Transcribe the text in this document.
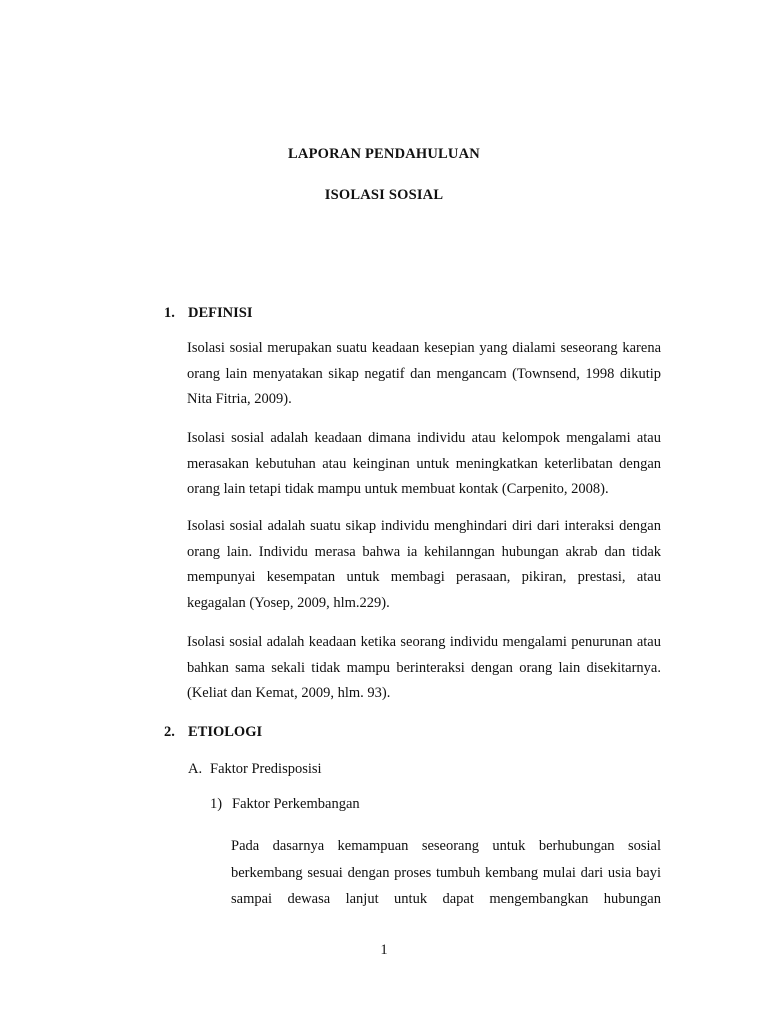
LAPORAN PENDAHULUAN
ISOLASI SOSIAL
1. DEFINISI

Isolasi sosial merupakan suatu keadaan kesepian yang dialami seseorang karena orang lain menyatakan sikap negatif dan mengancam (Townsend, 1998 dikutip Nita Fitria, 2009).

Isolasi sosial adalah keadaan dimana individu atau kelompok mengalami atau merasakan kebutuhan atau keinginan untuk meningkatkan keterlibatan dengan orang lain tetapi tidak mampu untuk membuat kontak (Carpenito, 2008).

Isolasi sosial adalah suatu sikap individu menghindari diri dari interaksi dengan orang lain. Individu merasa bahwa ia kehilanngan hubungan akrab dan tidak mempunyai kesempatan untuk membagi perasaan, pikiran, prestasi, atau kegagalan (Yosep, 2009, hlm.229).

Isolasi sosial adalah keadaan ketika seorang individu mengalami penurunan atau bahkan sama sekali tidak mampu berinteraksi dengan orang lain disekitarnya. (Keliat dan Kemat, 2009, hlm. 93).

2. ETIOLOGI
A. Faktor Predisposisi
1) Faktor Perkembangan

Pada dasarnya kemampuan seseorang untuk berhubungan sosial berkembang sesuai dengan proses tumbuh kembang mulai dari usia bayi sampai dewasa lanjut untuk dapat mengembangkan hubungan

1
